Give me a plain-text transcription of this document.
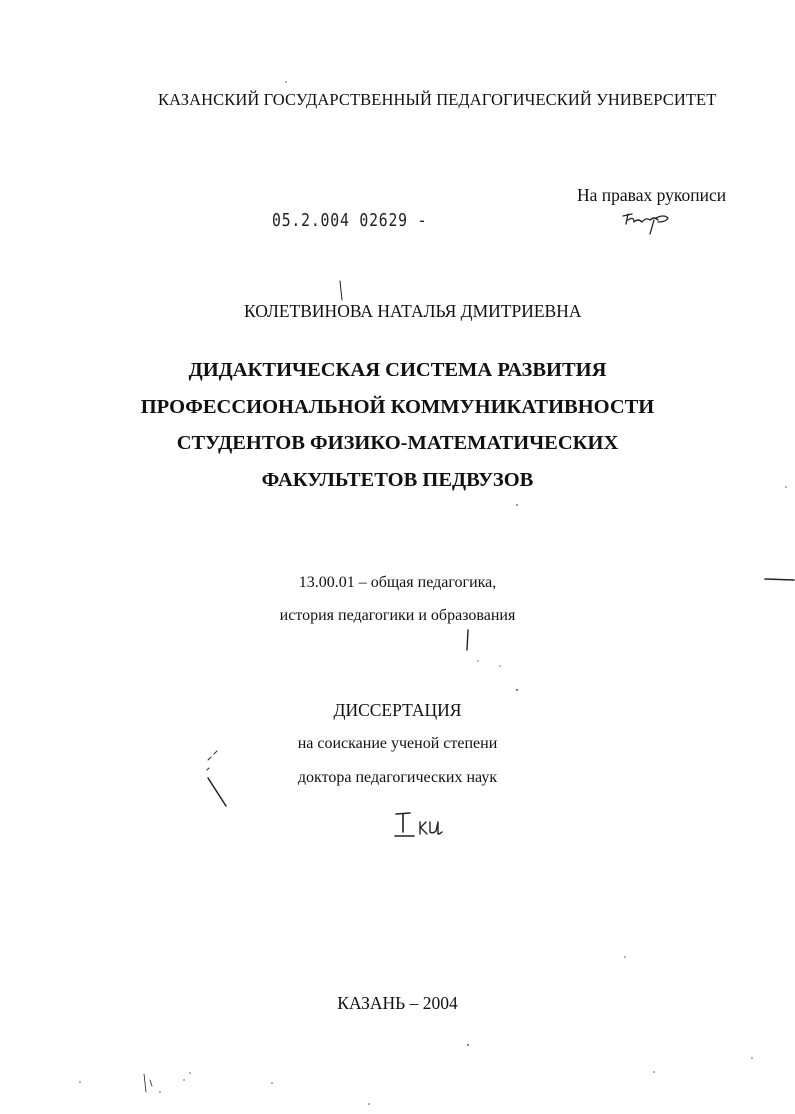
КАЗАНСКИЙ ГОСУДАРСТВЕННЫЙ ПЕДАГОГИЧЕСКИЙ УНИВЕРСИТЕТ
На правах рукописи
05.2.004 02629 -
КОЛЕТВИНОВА НАТАЛЬЯ ДМИТРИЕВНА
ДИДАКТИЧЕСКАЯ СИСТЕМА РАЗВИТИЯ
ПРОФЕССИОНАЛЬНОЙ КОММУНИКАТИВНОСТИ
СТУДЕНТОВ ФИЗИКО-МАТЕМАТИЧЕСКИХ
ФАКУЛЬТЕТОВ ПЕДВУЗОВ
13.00.01 – общая педагогика,
история педагогики и образования
ДИССЕРТАЦИЯ
на соискание ученой степени
доктора педагогических наук
КАЗАНЬ – 2004
